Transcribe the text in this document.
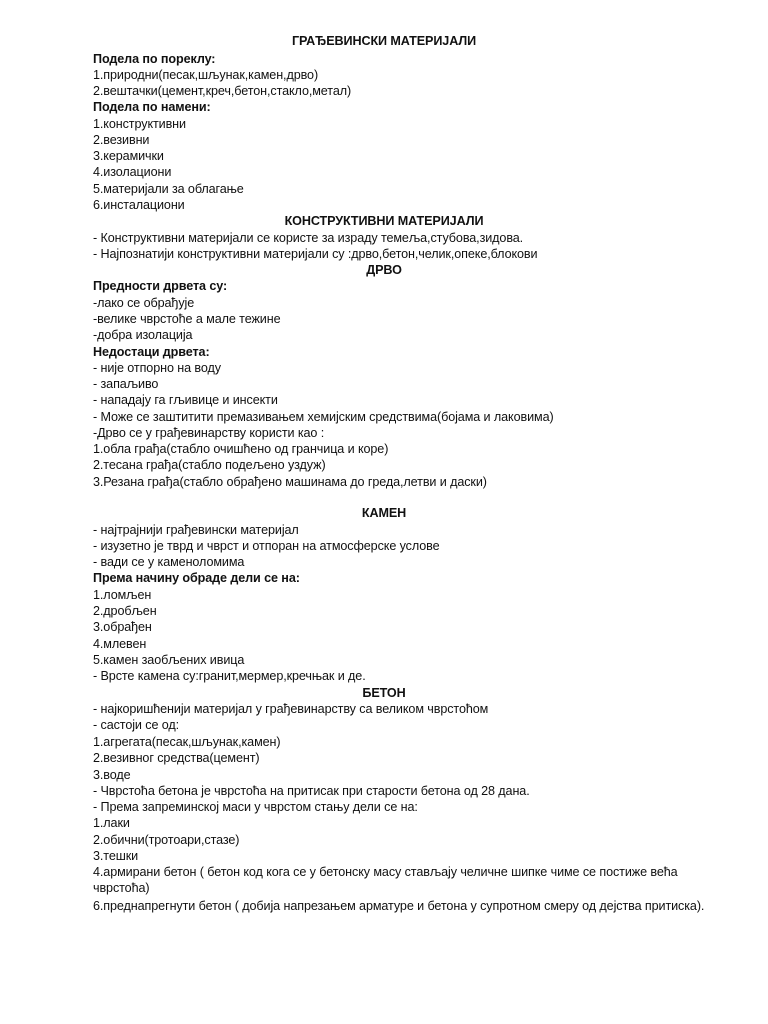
ГРАЂЕВИНСКИ МАТЕРИЈАЛИ
Подела по пореклу:
1.природни(песак,шљунак,камен,дрво)
2.вештачки(цемент,креч,бетон,стакло,метал)
Подела по намени:
1.конструктивни
2.везивни
3.керамички
4.изолациони
5.материјали за облагање
6.инсталациони
КОНСТРУКТИВНИ МАТЕРИЈАЛИ
- Конструктивни материјали се користе за израду темеља,стубова,зидова.
- Најпознатији конструктивни материјали су :дрво,бетон,челик,опеке,блокови
ДРВО
Предности дрвета су:
-лако се обрађује
-велике чврстоће а мале тежине
-добра изолација
Недостаци дрвета:
- није отпорно на воду
- запаљиво
- нападају га гљивице и инсекти
- Може се заштитити премазивањем хемијским средствима(бојама и лаковима)
-Дрво се у грађевинарству користи као :
1.обла грађа(стабло очишћено од гранчица и коре)
2.тесана грађа(стабло подељено уздуж)
3.Резана грађа(стабло обрађено машинама до греда,летви и даски)
КАМЕН
- најтрајнији грађевински материјал
- изузетно је тврд и чврст и отпоран на атмосферске услове
- вади се у каменоломима
Према начину обраде дели се на:
1.ломљен
2.дробљен
3.обрађен
4.млевен
5.камен заобљених ивица
- Врсте камена су:гранит,мермер,кречњак и де.
БЕТОН
- најкоришћенији материјал у грађевинарству са великом чврстоћом
- састоји се од:
1.агрегата(песак,шљунак,камен)
2.везивног средства(цемент)
3.воде
- Чврстоћа бетона је чврстоћа на притисак при старости бетона од 28 дана.
- Према запреминској маси у чврстом стању дели се на:
1.лаки
2.обични(тротоари,стазе)
3.тешки
4.армирани бетон ( бетон код кога се у бетонску масу стављају челичне шипке чиме се постиже већа чврстоћа)
6.преднапрегнути бетон ( добија напрезањем арматуре и бетона у супротном смеру од дејства притиска).
